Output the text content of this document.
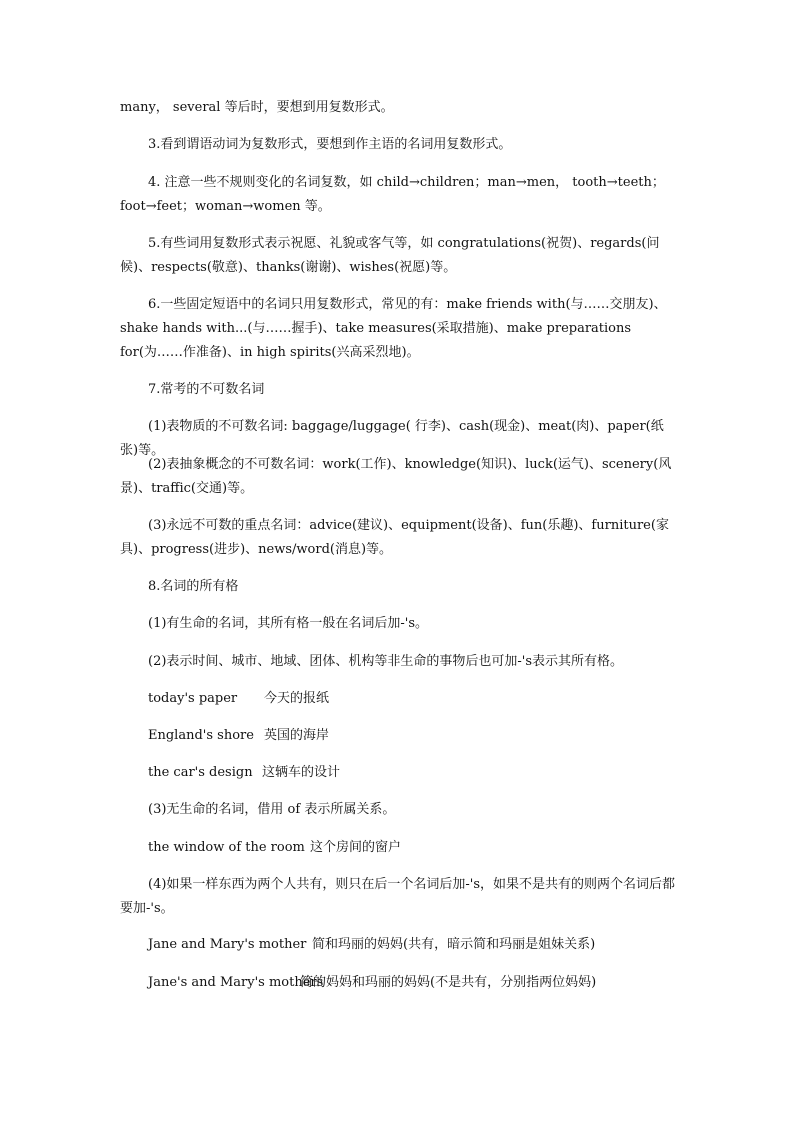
many， several 等后时，要想到用复数形式。

3.看到谓语动词为复数形式，要想到作主语的名词用复数形式。

4. 注意一些不规则变化的名词复数，如 child→children；man→men， tooth→teeth；foot→feet；woman→women 等。

5.有些词用复数形式表示祝愿、礼貌或客气等，如 congratulations(祝贺)、regards(问候)、respects(敬意)、thanks(谢谢)、wishes(祝愿)等。

6.一些固定短语中的名词只用复数形式，常见的有：make friends with(与……交朋友)、shake hands with...(与……握手)、take measures(采取措施)、make preparations for(为……作准备)、in high spirits(兴高采烈地)。

7.常考的不可数名词

(1)表物质的不可数名词: baggage/luggage( 行李)、cash(现金)、meat(肉)、paper(纸张)等。

(2)表抽象概念的不可数名词：work(工作)、knowledge(知识)、luck(运气)、scenery(风景)、traffic(交通)等。

(3)永远不可数的重点名词：advice(建议)、equipment(设备)、fun(乐趣)、furniture(家具)、progress(进步)、news/word(消息)等。

8.名词的所有格

(1)有生命的名词，其所有格一般在名词后加-'s。

(2)表示时间、城市、地域、团体、机构等非生命的事物后也可加-'s表示其所有格。

today's paper 今天的报纸
England's shore 英国的海岸
the car's design 这辆车的设计

(3)无生命的名词，借用 of 表示所属关系。

the window of the room 这个房间的窗户

(4)如果一样东西为两个人共有，则只在后一个名词后加-'s，如果不是共有的则两个名词后都要加-'s。

Jane and Mary's mother 简和玛丽的妈妈(共有，暗示简和玛丽是姐妹关系)
Jane's and Mary's mothers
简的妈妈和玛丽的妈妈(不是共有，分别指两位妈妈)
